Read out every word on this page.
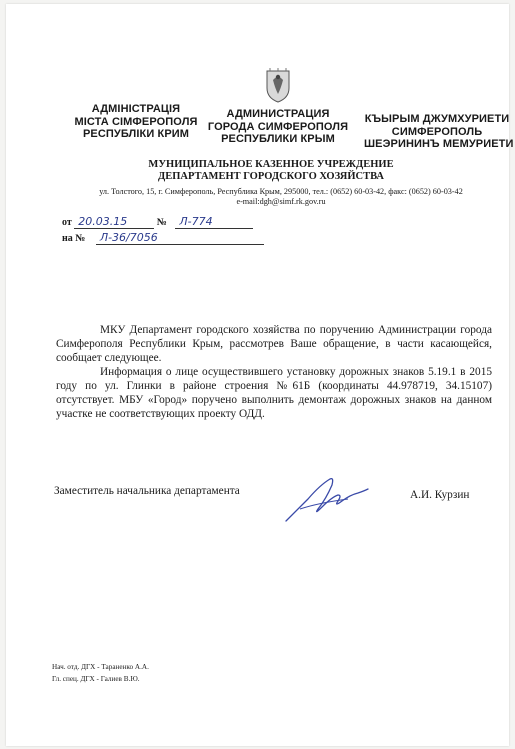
АДМІНІСТРАЦІЯ
МІСТА СІМФЕРОПОЛЯ
РЕСПУБЛІКИ КРИМ
АДМИНИСТРАЦИЯ
ГОРОДА СИМФЕРОПОЛЯ
РЕСПУБЛИКИ КРЫМ
КЪЫРЫМ ДЖУМХУРИЕТИ
СИМФЕРОПОЛЬ
ШЕЭРИНИНЪ МЕМУРИЕТИ
МУНИЦИПАЛЬНОЕ КАЗЕННОЕ УЧРЕЖДЕНИЕ
ДЕПАРТАМЕНТ ГОРОДСКОГО ХОЗЯЙСТВА
ул. Толстого, 15, г. Симферополь, Республика Крым, 295000, тел.: (0652) 60-03-42, факс: (0652) 60-03-42
e-mail:dgh@simf.rk.gov.ru
от 20.03.15	№ Л-774
на № Л-36/7056

МКУ Департамент городского хозяйства по поручению Администрации города Симферополя Республики Крым, рассмотрев Ваше обращение, в части касающейся, сообщает следующее.

Информация о лице осуществившего установку дорожных знаков 5.19.1 в 2015 году по ул. Глинки в районе строения №61Б (координаты 44.978719, 34.15107) отсутствует. МБУ «Город» поручено выполнить демонтаж дорожных знаков на данном участке не соответствующих проекту ОДД.

Заместитель начальника департамента	А.И. Курзин
Нач. отд. ДГХ - Тараненко А.А.
Гл. спец. ДГХ - Галиев В.Ю.
